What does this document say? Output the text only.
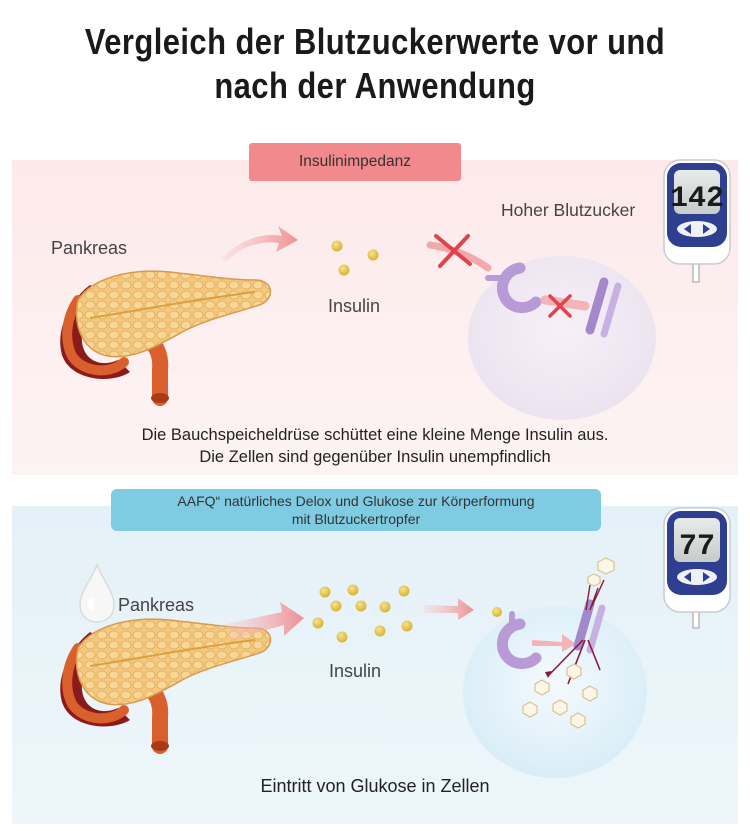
Vergleich der Blutzuckerwerte vor und
nach der Anwendung
142
77
Insulinimpedanz
Pankreas
Insulin
Hoher Blutzucker
Die Bauchspeicheldrüse schüttet eine kleine Menge Insulin aus.
Die Zellen sind gegenüber Insulin unempfindlich
AAFQ“ natürliches Delox und Glukose zur Körperformung
mit Blutzuckertropfer
Pankreas
Insulin
Eintritt von Glukose in Zellen
